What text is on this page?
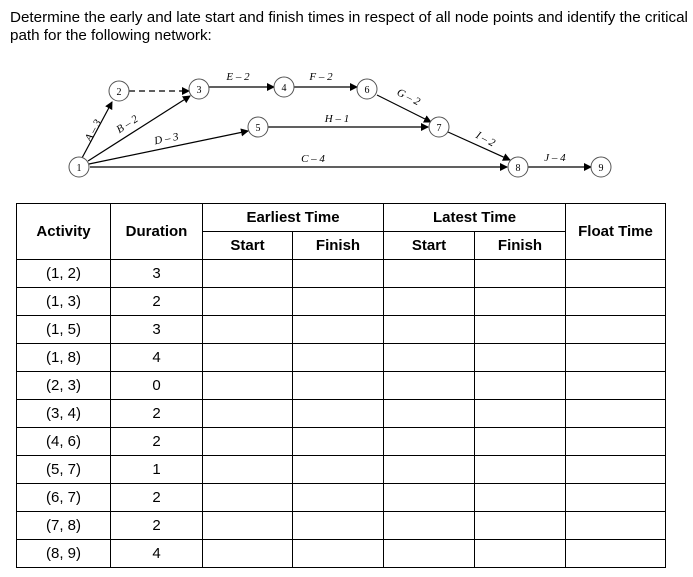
Determine the early and late start and finish times in respect of all node points and identify the critical path for the following network:
1
2	3	4
5
6
7
8	9
A – 3 B – 2
D – 3
E – 2	F – 2
G – 2
H – 1
C – 4
I – 2
J – 4
Activity	Duration	Earliest Time		Latest Time		Float Time
		Start	Finish	Start	Finish	
(1, 2)	3					
(1, 3)	2					
(1, 5)	3					
(1, 8)	4					
(2, 3)	0					
(3, 4)	2					
(4, 6)	2					
(5, 7)	1					
(6, 7)	2					
(7, 8)	2					
(8, 9)	4					
